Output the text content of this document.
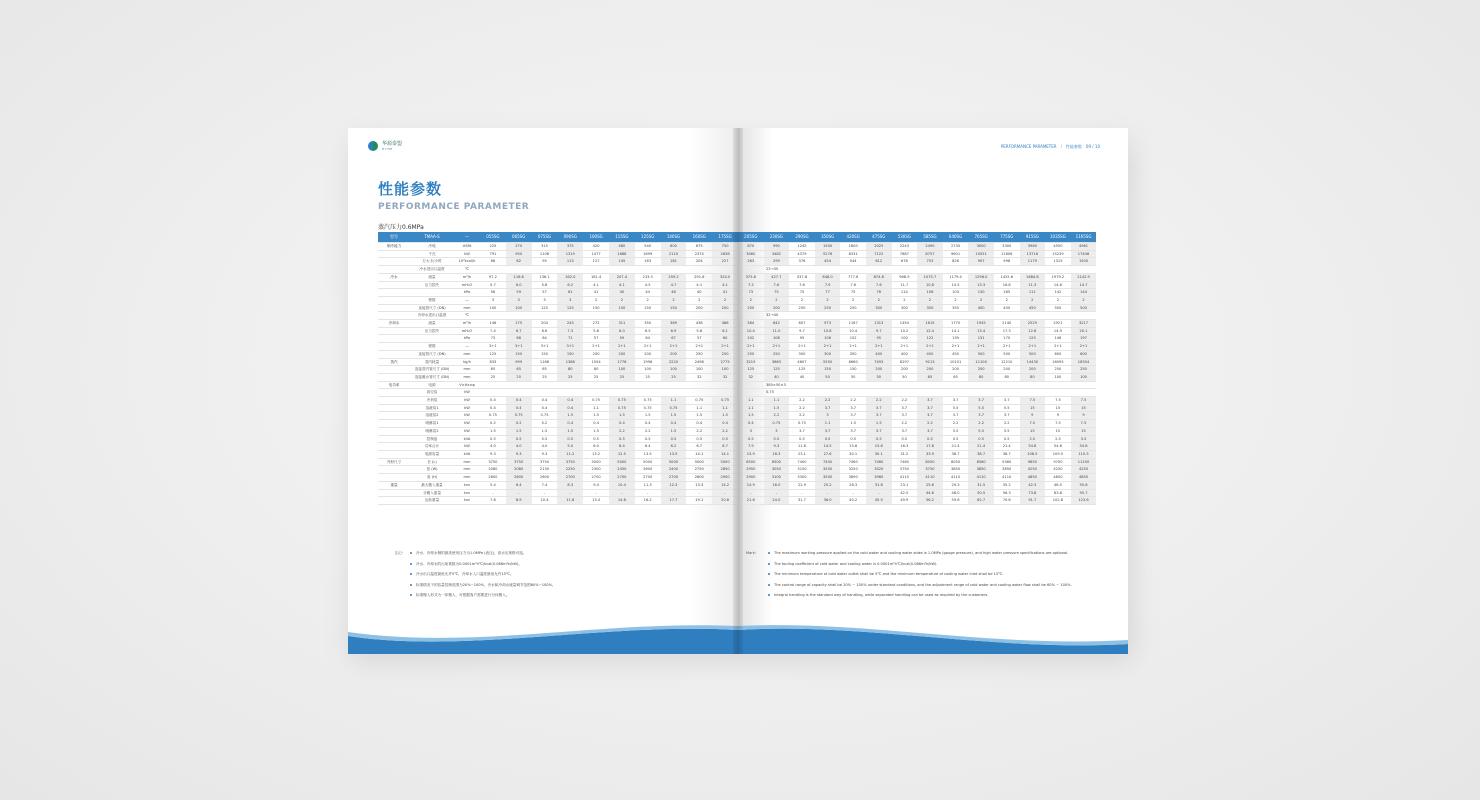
华源泰盟
HYTM
性能参数
PERFORMANCE PARAMETER
蒸汽压力0.6MPa
型号	TMAA-S	—	055SG	065SG	075SG	090SG	100SG	115SG	125SG	140SG	160SG	175SG
制冷能力	冷吨	USRt	225	270	315	375	420	480	540	600	675	750
	千瓦	kW	791	950	1108	1319	1477	1688	1899	2110	2374	2638
	万大卡/小时	10⁴kcal/h	68	82	95	113	127	145	163	181	204	227
	冷水进出口温度	℃										
冷水	流量	m³/h	97.2	116.6	136.1	162.0	181.4	207.4	233.3	259.2	291.6	324.0
	压力损失	mH₂O	5.7	6.0	5.8	6.2	4.1	4.1	4.5	4.7	4.1	4.1
		kPa	56	59	57	61	41	40	44	46	40	41
	程数	—	3	3	3	3	2	2	2	2	2	2
	连接管尺寸 (DN)	mm	100	100	125	125	150	150	150	150	200	200
	冷却水进出口温度	℃										
冷却水	流量	m³/h	146	175	204	243	272	311	350	389	438	486
	压力损失	mH₂O	7.4	6.7	6.6	7.3	5.8	6.0	6.5	6.9	5.8	6.1
		kPa	73	66	64	71	57	59	64	67	57	60
	程数	—	3+1	3+1	3+1	3+1	2+1	2+1	2+1	2+1	2+1	2+1
	连接管尺寸 (DN)	mm	125	150	150	150	200	200	200	200	250	250
蒸汽	蒸汽耗量	kg/h	833	999	1166	1388	1554	1776	1998	2220	2498	2775
	连接蒸汽管尺寸 (DN)	mm	65	65	65	80	80	100	100	100	100	100
	连接凝水管尺寸 (DN)	mm	25	25	25	25	25	25	25	25	32	32
电功率	电源	V×Hz×φ										
	真空泵	kW										
	冷剂泵	kW	0.4	0.4	0.4	0.4	0.75	0.75	0.75	1.1	0.75	0.75
	溶液泵1	kW	0.4	0.4	0.4	0.4	1.1	0.75	0.75	0.75	1.1	1.1
	溶液泵2	kW	0.75	0.75	0.75	1.5	1.5	1.5	1.5	1.5	1.5	1.5
	喷淋泵1	kW	0.2	0.2	0.2	0.4	0.4	0.4	0.4	0.4	0.4	0.4
	喷淋泵2	kW	1.5	1.5	1.5	1.5	1.5	2.2	2.2	1.5	2.2	2.2
	控制盘	kVA	0.5	0.5	0.5	0.5	0.5	0.5	0.5	0.5	0.5	0.5
	功率合计	kW	4.0	4.0	4.0	5.0	6.0	6.4	6.4	6.2	6.7	6.7
	电源容量	kVA	9.3	9.3	9.3	11.2	13.2	12.5	13.5	13.5	14.1	14.1
外形尺寸	长 (L)	mm	3750	3750	3750	3750	5000	5000	5000	5000	5000	5000
	宽 (W)	mm	2080	2080	2130	2250	2300	2450	2600	2400	2750	2850
	高 (H)	mm	2600	2600	2600	2700	2700	2700	2700	2700	2800	2900
重量	最大搬入重量	ton	5.4	6.4	7.4	8.3	9.4	10.4	11.3	12.3	13.3	14.2
	分搬入重量	ton	-	-	-	-	-	-	-	-	-	-
	运转重量	ton	7.8	8.9	10.4	11.8	13.4	14.8	16.2	17.7	19.1	20.6
注记:	冷水、冷却水侧的最高使用压力为1.0MPa (表压)，高水压规格可选。
冷水、冷却水的污垢系数为0.0001m²h℃/kcal(0.086m²k/kW)。
冷水出口温度最低允许5℃，冷却水入口温度最低允许15℃。
标准情况下的容量控制范围为20%~100%，冷水和冷却水流量调节范围60%~100%。
标准搬入形式为一体搬入，可根据客户需要进行分体搬入。
PERFORMANCE PARAMETER / 性能参数 09 / 10
205SG	230SG	290SG	350SG	420SG	475SG	530SG	585SG	640SG	705SG	775SG	915SG	1035SG	1165SG
870	990	1245	1500	1800	2025	2243	2490	2730	3000	3300	3960	4550	4961
3060	3482	4379	5276	6331	7122	7887	8757	9601	10551	11606	13716	15239	17446
263	299	376	454	544	612	678	753	826	907	998	1179	1315	1500
23→35													
375.8	427.7	537.8	648.0	777.6	874.8	968.9	1075.7	1179.4	1296.0	1425.6	1684.8	1979.2	2142.9
7.3	7.6	7.6	7.9	7.6	7.6	11.7	10.8	10.5	13.3	16.8	11.3	14.6	14.7
73	75	75	77	75	76	114	106	103	130	165	111	142	144
2	2	2	2	2	2	2	2	2	2	2	2	2	2
200	200	250	250	250	300	300	350	350	400	400	450	500	500
32→40													
564	642	807	973	1167	1313	1454	1615	1770	1945	2140	2529	2921	3217
10.4	11.0	9.7	10.8	10.4	9.7	10.2	12.4	14.1	13.4	17.3	12.8	14.9	20.1
102	108	95	106	102	95	100	122	139	131	170	125	146	197
2+1	2+1	2+1	2+1	2+1	2+1	2+1	2+1	2+1	2+1	2+1	2+1	2+1	2+1
250	250	300	300	350	400	400	450	450	500	500	500	600	600
3219	3663	4607	5550	6660	7493	8297	9213	10101	11100	12210	14430	16095	18354
125	125	125	150	150	200	200	200	200	200	200	200	250	250
32	40	40	50	50	50	50	65	65	80	80	80	100	100
380×50×3													
0.75													
1.1	1.1	2.2	2.2	2.2	2.2	2.2	3.7	3.7	3.7	3.7	7.5	7.5	7.5
1.1	1.5	2.2	3.7	3.7	3.7	3.7	3.7	5.5	5.5	5.5	15	15	15
1.5	2.2	2.2	3	3.7	3.7	3.7	3.7	3.7	3.7	3.7	9	9	9
0.4	0.75	0.75	1.1	1.5	1.5	2.2	2.2	2.2	2.2	2.2	7.5	7.5	7.5
3	3	3.7	3.7	3.7	3.7	3.7	3.7	5.5	5.5	5.5	15	15	15
0.5	0.5	0.5	0.5	0.5	0.5	0.5	0.5	0.5	0.5	0.5	2.5	2.5	3.5
7.9	9.3	11.8	14.5	15.6	15.6	16.3	17.8	21.4	21.4	21.4	54.8	54.8	54.8
15.9	18.3	23.1	27.6	30.1	30.1	31.2	33.9	38.7	38.7	38.7	108.5	109.5	110.5
6500	6500	7400	7400	7460	7460	7460	8050	8050	8560	9360	9850	9700	11250
2950	3050	3150	3550	3250	3520	3750	3750	3850	3850	3850	4250	4250	4250
2900	3100	3300	3500	3890	3980	4110	4110	4110	4110	4110	4850	4850	4850
14.9	16.0	22.9	25.2	28.3	31.8	23.1	25.6	29.3	31.5	35.2	42.3	48.5	55.6
-	-	-	-	-	-	42.5	44.6	48.0	50.5	56.3	73.8	83.8	95.7
21.6	24.0	31.7	36.0	40.2	45.5	49.9	56.2	59.6	62.7	70.6	91.7	102.8	123.6
Mark:	The maximum working pressure applied on the cold water and cooling water sides is 1.0MPa (gauge pressure), and high water pressure specifications are optional.
The fouling coefficient of cold water and cooling water is 0.0001m²h℃/kcal(0.086m²k/kW).
The minimum temperature of cold water outlet shall be 5℃ and the minimum temperature of cooling water inlet shall be 15℃.
The control range of capacity shall be 20% ~ 100% under standard conditions, and the adjustment range of cold water and cooling water flow shall be 60% ~ 100%.
Integral handling is the standard way of handling, while separated handling can be used as required by the customers.
